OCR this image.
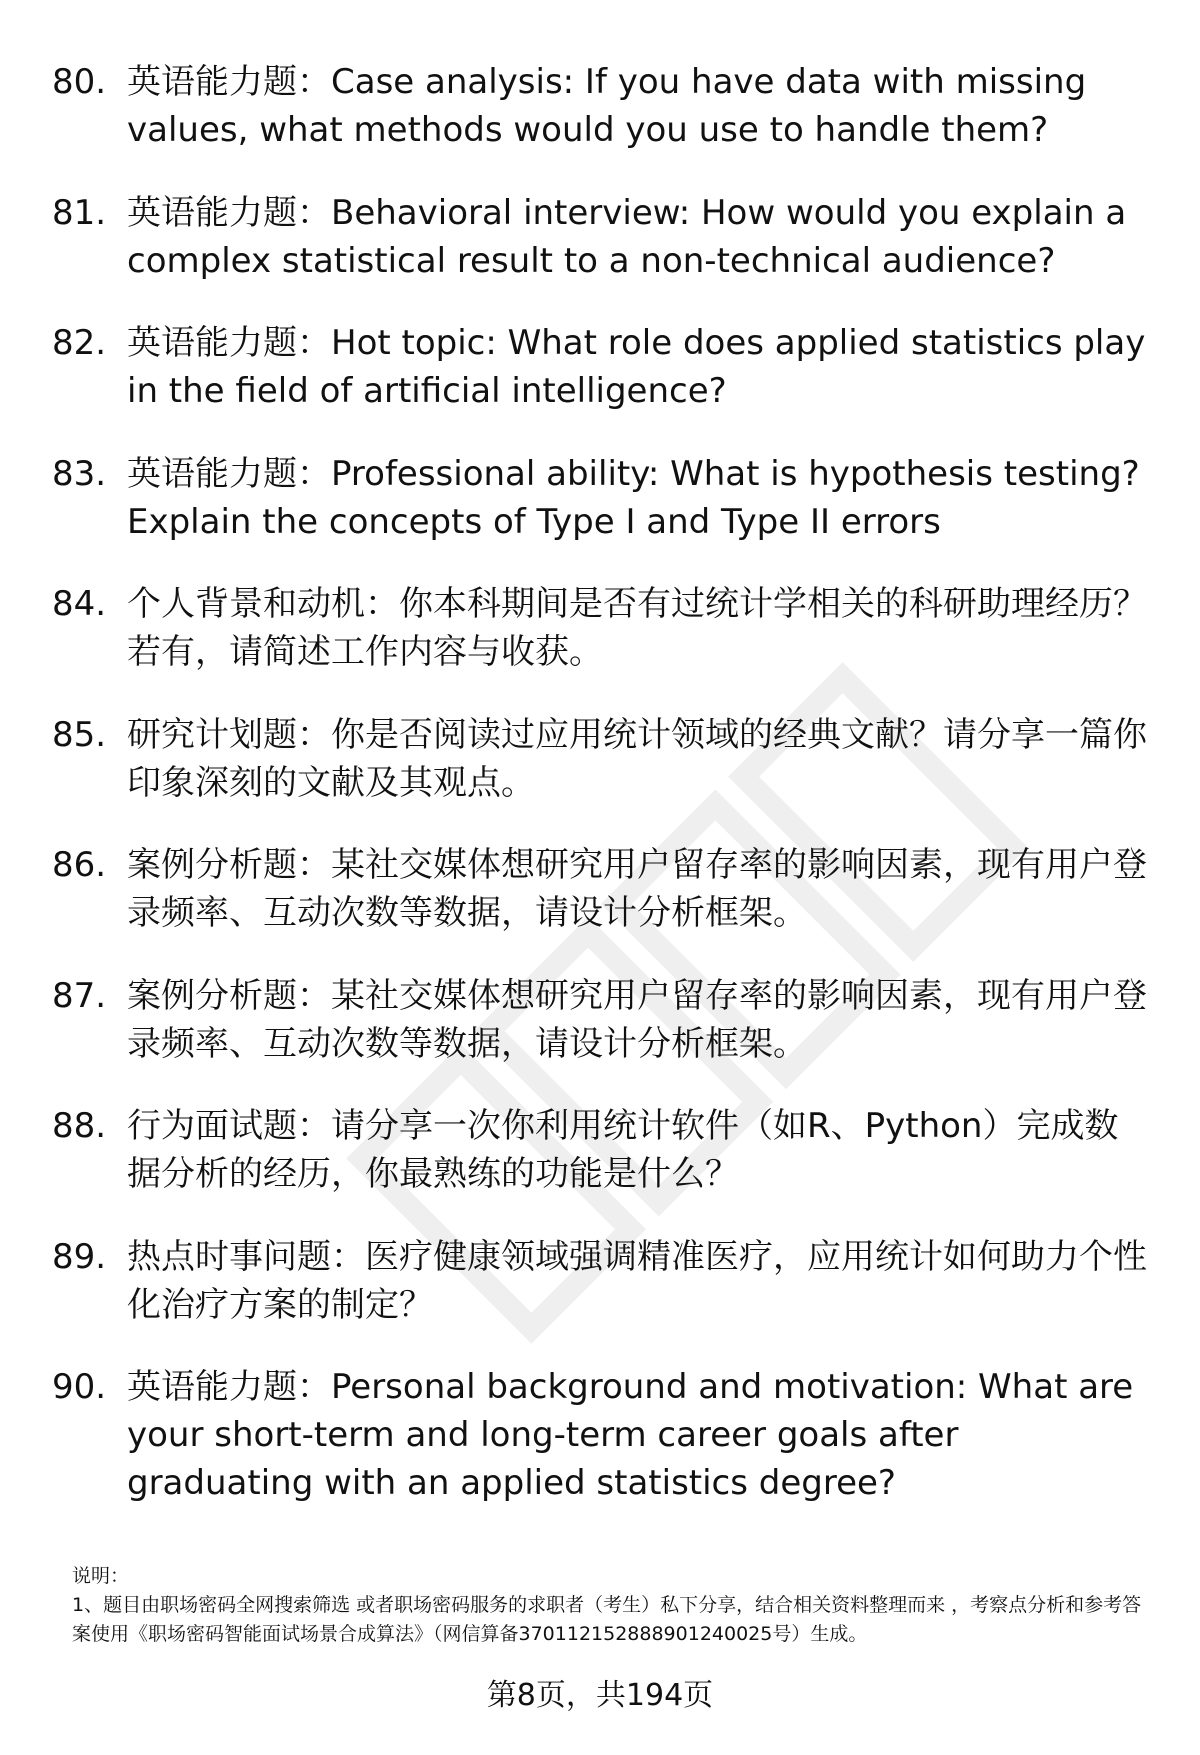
80. 英语能力题：Case analysis: If you have data with missing values, what methods would you use to handle them?
81. 英语能力题：Behavioral interview: How would you explain a complex statistical result to a non-technical audience?
82. 英语能力题：Hot topic: What role does applied statistics play in the field of artificial intelligence?
83. 英语能力题：Professional ability: What is hypothesis testing? Explain the concepts of Type I and Type II errors
84. 个人背景和动机：你本科期间是否有过统计学相关的科研助理经历？若有，请简述工作内容与收获。
85. 研究计划题：你是否阅读过应用统计领域的经典文献？请分享一篇你印象深刻的文献及其观点。
86. 案例分析题：某社交媒体想研究用户留存率的影响因素，现有用户登录频率、互动次数等数据，请设计分析框架。
87. 案例分析题：某社交媒体想研究用户留存率的影响因素，现有用户登录频率、互动次数等数据，请设计分析框架。
88. 行为面试题：请分享一次你利用统计软件（如R、Python）完成数据分析的经历，你最熟练的功能是什么？
89. 热点时事问题：医疗健康领域强调精准医疗，应用统计如何助力个性化治疗方案的制定？
90. 英语能力题：Personal background and motivation: What are your short-term and long-term career goals after graduating with an applied statistics degree?

说明：

1、题目由职场密码全网搜索筛选 或者职场密码服务的求职者（考生）私下分享，结合相关资料整理而来 ，考察点分析和参考答案使用《职场密码智能面试场景合成算法》（网信算备370112152888901240025号）生成。

第8页，共194页
